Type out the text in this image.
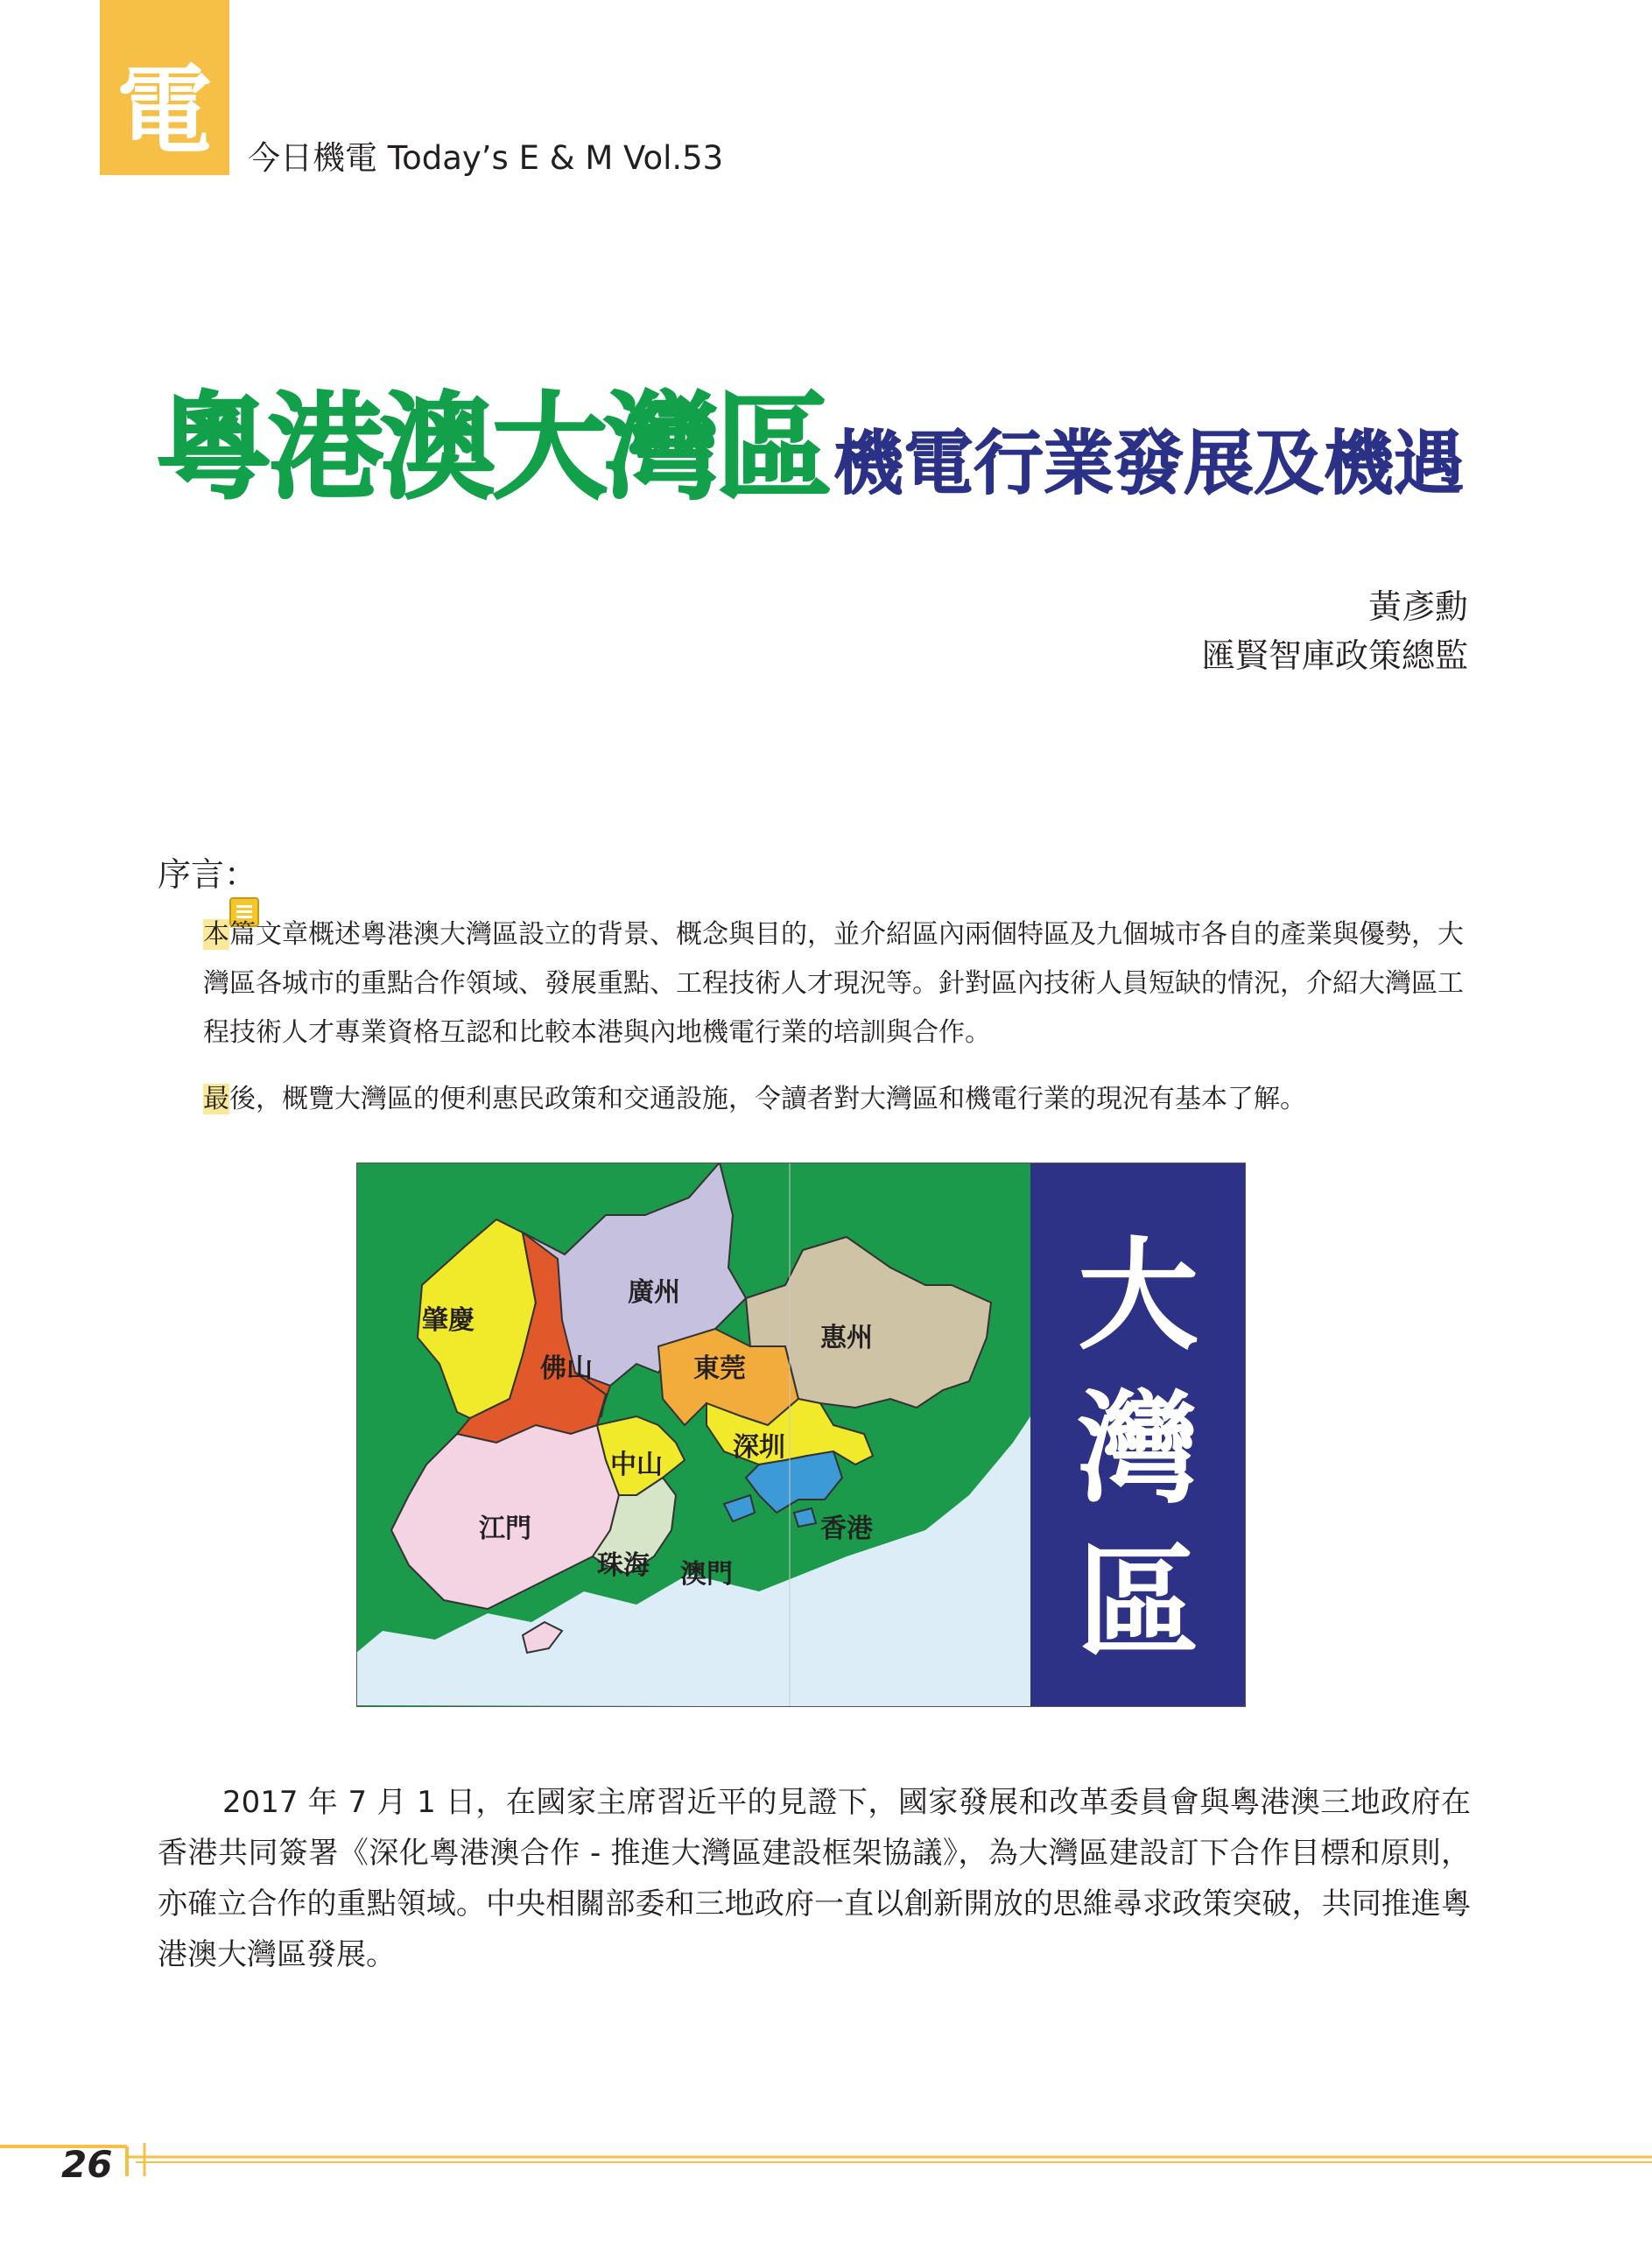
電 今日機電 Today’s E & M Vol.53
粵港澳大灣區機電行業發展及機遇
黃彥勳
匯賢智庫政策總監
序言：

本篇文章概述粵港澳大灣區設立的背景、概念與目的，並介紹區內兩個特區及九個城市各自的產業與優勢，大灣區各城市的重點合作領域、發展重點、工程技術人才現況等。針對區內技術人員短缺的情況，介紹大灣區工程技術人才專業資格互認和比較本港與內地機電行業的培訓與合作。

最後，概覽大灣區的便利惠民政策和交通設施，令讀者對大灣區和機電行業的現況有基本了解。

肇慶
廣州
佛山	東莞
惠州
中山
深圳
江門	香港
珠海 澳門
大
灣
區
2017 年 7 月 1 日，在國家主席習近平的見證下，國家發展和改革委員會與粵港澳三地政府在香港共同簽署《深化粵港澳合作 - 推進大灣區建設框架協議》，為大灣區建設訂下合作目標和原則，亦確立合作的重點領域。中央相關部委和三地政府一直以創新開放的思維尋求政策突破，共同推進粵港澳大灣區發展。
26
